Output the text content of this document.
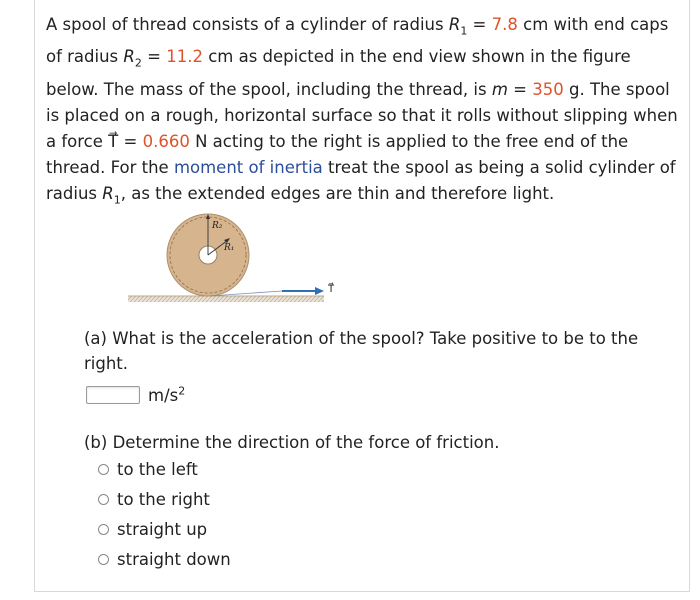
A spool of thread consists of a cylinder of radius $R_1 = 7.8$ cm with end caps of radius $R_2 = 11.2$ cm as depicted in the end view shown in the figure below. The mass of the spool, including the thread, is m = 350 g. The spool is placed on a rough, horizontal surface so that it rolls without slipping when a force T⃗ = 0.660 N acting to the right is applied to the free end of the thread. For the moment of inertia treat the spool as being a solid cylinder of radius $R_1$, as the extended edges are thin and therefore light.

R₂
R₁
T⃗
(a) What is the acceleration of the spool? Take positive to be to the right.
$m/s^2$
(b) Determine the direction of the force of friction.
to the left
to the right
straight up
straight down
